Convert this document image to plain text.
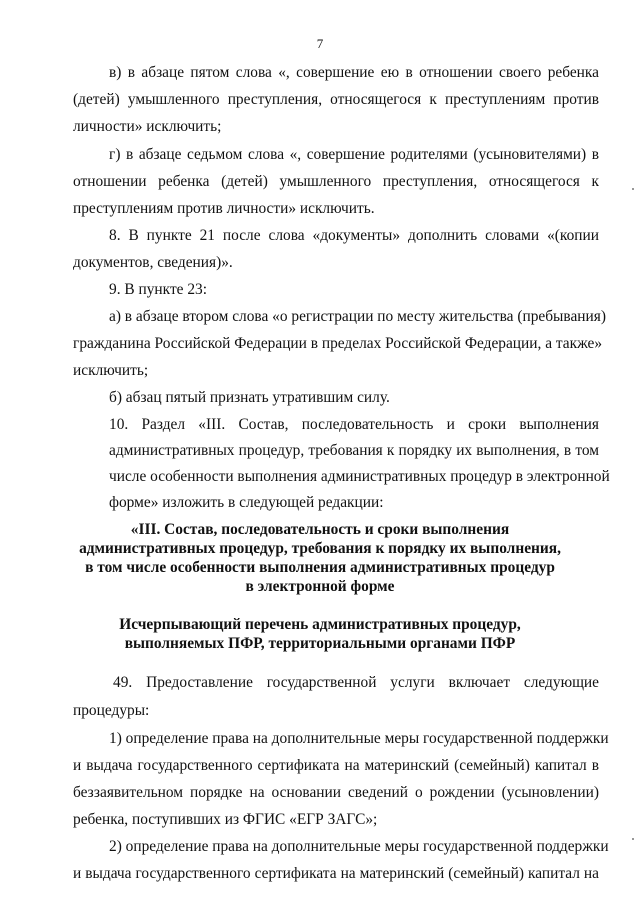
7
в) в абзаце пятом слова «, совершение ею в отношении своего ребенка
(детей) умышленного преступления, относящегося к преступлениям против
личности» исключить;
г) в абзаце седьмом слова «, совершение родителями (усыновителями) в
отношении ребенка (детей) умышленного преступления, относящегося к
преступлениям против личности» исключить.
8. В пункте 21 после слова «документы» дополнить словами «(копии
документов, сведения)».
9. В пункте 23:
а) в абзаце втором слова «о регистрации по месту жительства (пребывания)
гражданина Российской Федерации в пределах Российской Федерации, а также»
исключить;
б) абзац пятый признать утратившим силу.
10. Раздел «III. Состав, последовательность и сроки выполнения
административных процедур, требования к порядку их выполнения, в том
числе особенности выполнения административных процедур в электронной
форме» изложить в следующей редакции:
«III. Состав, последовательность и сроки выполнения
административных процедур, требования к порядку их выполнения,
в том числе особенности выполнения административных процедур
в электронной форме
Исчерпывающий перечень административных процедур,
выполняемых ПФР, территориальными органами ПФР
49. Предоставление государственной услуги включает следующие
процедуры:
1) определение права на дополнительные меры государственной поддержки
и выдача государственного сертификата на материнский (семейный) капитал в
беззаявительном порядке на основании сведений о рождении (усыновлении)
ребенка, поступивших из ФГИС «ЕГР ЗАГС»;
2) определение права на дополнительные меры государственной поддержки
и выдача государственного сертификата на материнский (семейный) капитал на
